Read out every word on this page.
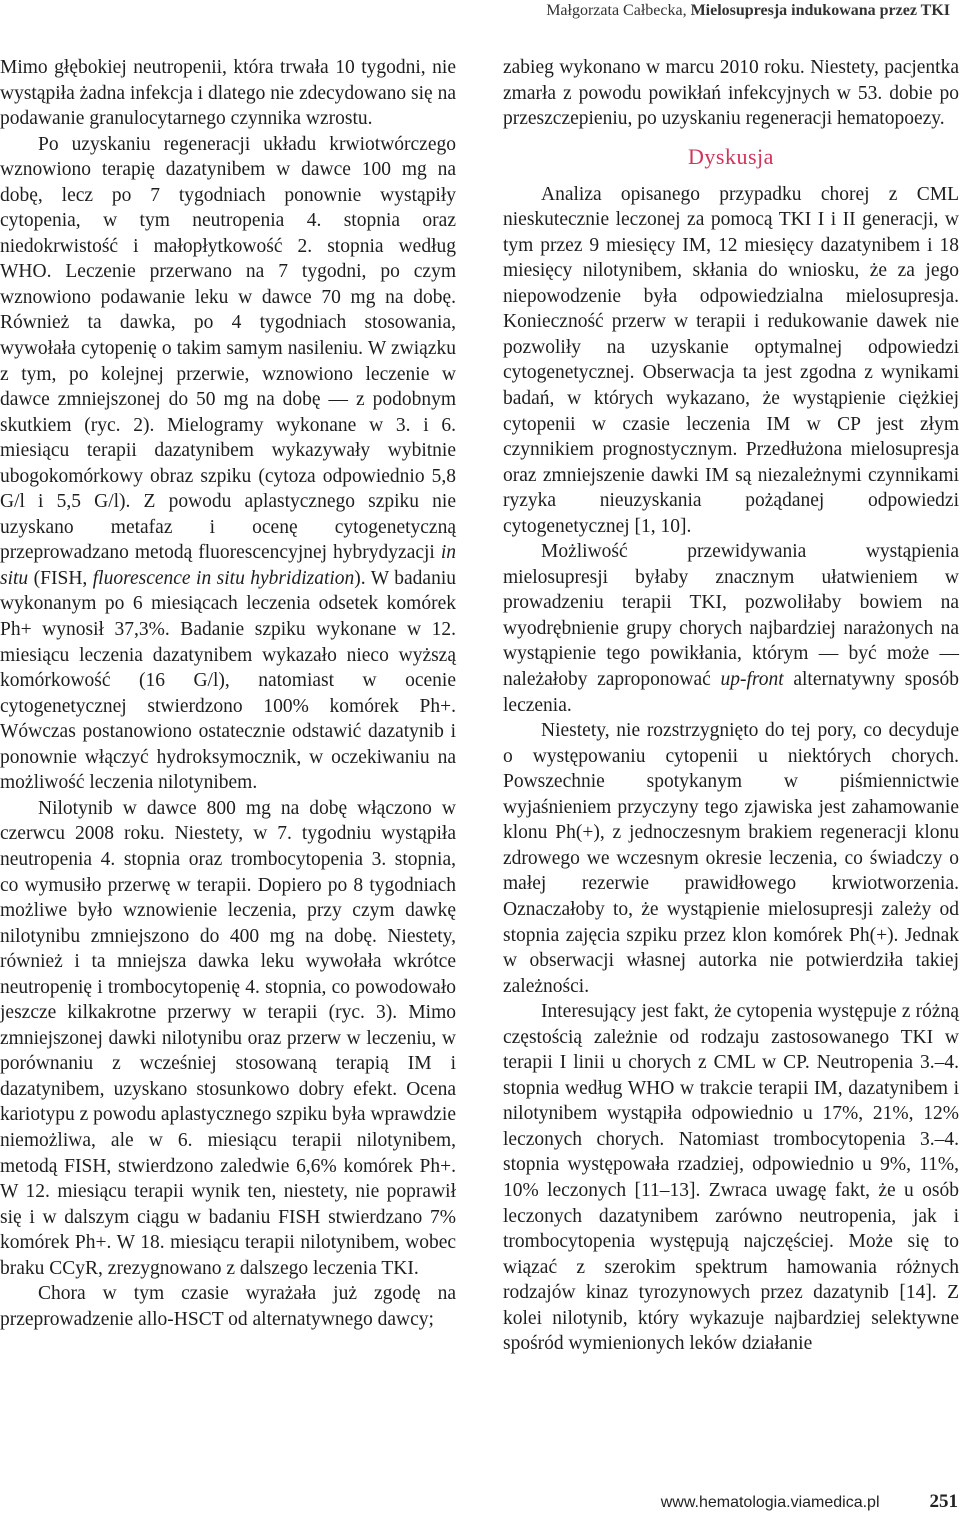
Małgorzata Całbecka, Mielosupresja indukowana przez TKI

Mimo głębokiej neutropenii, która trwała 10 tygodni, nie wystąpiła żadna infekcja i dlatego nie zdecydowano się na podawanie granulocytarnego czynnika wzrostu.

Po uzyskaniu regeneracji układu krwiotwórczego wznowiono terapię dazatynibem w dawce 100 mg na dobę, lecz po 7 tygodniach ponownie wystąpiły cytopenia, w tym neutropenia 4. stopnia oraz niedokrwistość i małopłytkowość 2. stopnia według WHO. Leczenie przerwano na 7 tygodni, po czym wznowiono podawanie leku w dawce 70 mg na dobę. Również ta dawka, po 4 tygodniach stosowania, wywołała cytopenię o takim samym nasileniu. W związku z tym, po kolejnej przerwie, wznowiono leczenie w dawce zmniejszonej do 50 mg na dobę — z podobnym skutkiem (ryc. 2). Mielogramy wykonane w 3. i 6. miesiącu terapii dazatynibem wykazywały wybitnie ubogokomórkowy obraz szpiku (cytoza odpowiednio 5,8 G/l i 5,5 G/l). Z powodu aplastycznego szpiku nie uzyskano metafaz i ocenę cytogenetyczną przeprowadzano metodą fluorescencyjnej hybrydyzacji in situ (FISH, fluorescence in situ hybridization). W badaniu wykonanym po 6 miesiącach leczenia odsetek komórek Ph+ wynosił 37,3%. Badanie szpiku wykonane w 12. miesiącu leczenia dazatynibem wykazało nieco wyższą komórkowość (16 G/l), natomiast w ocenie cytogenetycznej stwierdzono 100% komórek Ph+. Wówczas postanowiono ostatecznie odstawić dazatynib i ponownie włączyć hydroksymocznik, w oczekiwaniu na możliwość leczenia nilotynibem.

Nilotynib w dawce 800 mg na dobę włączono w czerwcu 2008 roku. Niestety, w 7. tygodniu wystąpiła neutropenia 4. stopnia oraz trombocytopenia 3. stopnia, co wymusiło przerwę w terapii. Dopiero po 8 tygodniach możliwe było wznowienie leczenia, przy czym dawkę nilotynibu zmniejszono do 400 mg na dobę. Niestety, również i ta mniejsza dawka leku wywołała wkrótce neutropenię i trombocytopenię 4. stopnia, co powodowało jeszcze kilkakrotne przerwy w terapii (ryc. 3). Mimo zmniejszonej dawki nilotynibu oraz przerw w leczeniu, w porównaniu z wcześniej stosowaną terapią IM i dazatynibem, uzyskano stosunkowo dobry efekt. Ocena kariotypu z powodu aplastycznego szpiku była wprawdzie niemożliwa, ale w 6. miesiącu terapii nilotynibem, metodą FISH, stwierdzono zaledwie 6,6% komórek Ph+. W 12. miesiącu terapii wynik ten, niestety, nie poprawił się i w dalszym ciągu w badaniu FISH stwierdzano 7% komórek Ph+. W 18. miesiącu terapii nilotynibem, wobec braku CCyR, zrezygnowano z dalszego leczenia TKI.

Chora w tym czasie wyrażała już zgodę na przeprowadzenie allo-HSCT od alternatywnego dawcy;

zabieg wykonano w marcu 2010 roku. Niestety, pacjentka zmarła z powodu powikłań infekcyjnych w 53. dobie po przeszczepieniu, po uzyskaniu regeneracji hematopoezy.

Dyskusja

Analiza opisanego przypadku chorej z CML nieskutecznie leczonej za pomocą TKI I i II generacji, w tym przez 9 miesięcy IM, 12 miesięcy dazatynibem i 18 miesięcy nilotynibem, skłania do wniosku, że za jego niepowodzenie była odpowiedzialna mielosupresja. Konieczność przerw w terapii i redukowanie dawek nie pozwoliły na uzyskanie optymalnej odpowiedzi cytogenetycznej. Obserwacja ta jest zgodna z wynikami badań, w których wykazano, że wystąpienie ciężkiej cytopenii w czasie leczenia IM w CP jest złym czynnikiem prognostycznym. Przedłużona mielosupresja oraz zmniejszenie dawki IM są niezależnymi czynnikami ryzyka nieuzyskania pożądanej odpowiedzi cytogenetycznej [1, 10].

Możliwość przewidywania wystąpienia mielosupresji byłaby znacznym ułatwieniem w prowadzeniu terapii TKI, pozwoliłaby bowiem na wyodrębnienie grupy chorych najbardziej narażonych na wystąpienie tego powikłania, którym — być może — należałoby zaproponować up-front alternatywny sposób leczenia.

Niestety, nie rozstrzygnięto do tej pory, co decyduje o występowaniu cytopenii u niektórych chorych. Powszechnie spotykanym w piśmiennictwie wyjaśnieniem przyczyny tego zjawiska jest zahamowanie klonu Ph(+), z jednoczesnym brakiem regeneracji klonu zdrowego we wczesnym okresie leczenia, co świadczy o małej rezerwie prawidłowego krwiotworzenia. Oznaczałoby to, że wystąpienie mielosupresji zależy od stopnia zajęcia szpiku przez klon komórek Ph(+). Jednak w obserwacji własnej autorka nie potwierdziła takiej zależności.

Interesujący jest fakt, że cytopenia występuje z różną częstością zależnie od rodzaju zastosowanego TKI w terapii I linii u chorych z CML w CP. Neutropenia 3.–4. stopnia według WHO w trakcie terapii IM, dazatynibem i nilotynibem wystąpiła odpowiednio u 17%, 21%, 12% leczonych chorych. Natomiast trombocytopenia 3.–4. stopnia występowała rzadziej, odpowiednio u 9%, 11%, 10% leczonych [11–13]. Zwraca uwagę fakt, że u osób leczonych dazatynibem zarówno neutropenia, jak i trombocytopenia występują najczęściej. Może się to wiązać z szerokim spektrum hamowania różnych rodzajów kinaz tyrozynowych przez dazatynib [14]. Z kolei nilotynib, który wykazuje najbardziej selektywne spośród wymienionych leków działanie

www.hematologia.viamedica.pl	251
